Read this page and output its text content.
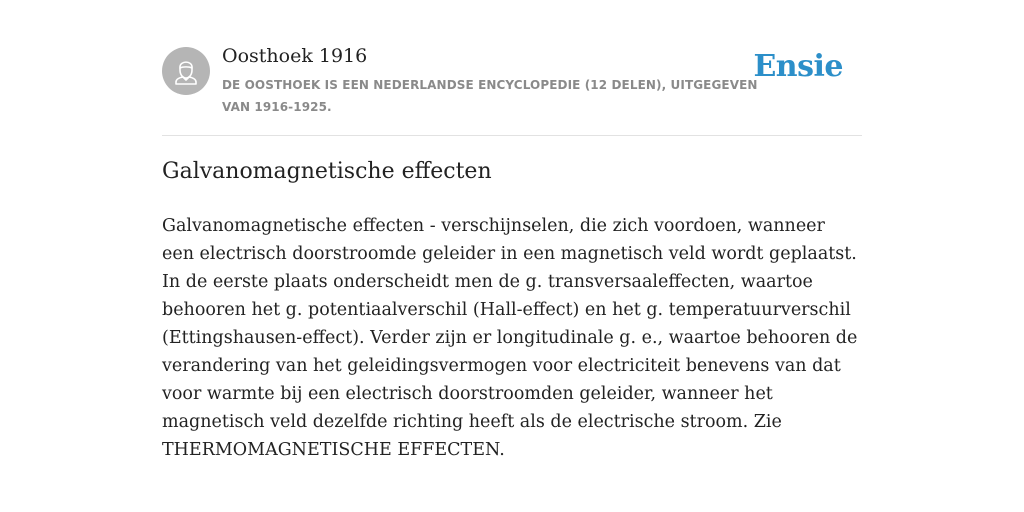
Oosthoek 1916
DE OOSTHOEK IS EEN NEDERLANDSE ENCYCLOPEDIE (12 DELEN), UITGEGEVEN VAN 1916-1925.
Ensie
Galvanomagnetische effecten

Galvanomagnetische effecten - verschijnselen, die zich voordoen, wanneer een electrisch doorstroomde geleider in een magnetisch veld wordt geplaatst. In de eerste plaats onderscheidt men de g. transversaaleffecten, waartoe behooren het g. potentiaalverschil (Hall-effect) en het g. temperatuurverschil (Ettingshausen-effect). Verder zijn er longitudinale g. e., waartoe behooren de verandering van het geleidingsvermogen voor electriciteit benevens van dat voor warmte bij een electrisch doorstroomden geleider, wanneer het magnetisch veld dezelfde richting heeft als de electrische stroom. Zie THERMOMAGNETISCHE EFFECTEN.
